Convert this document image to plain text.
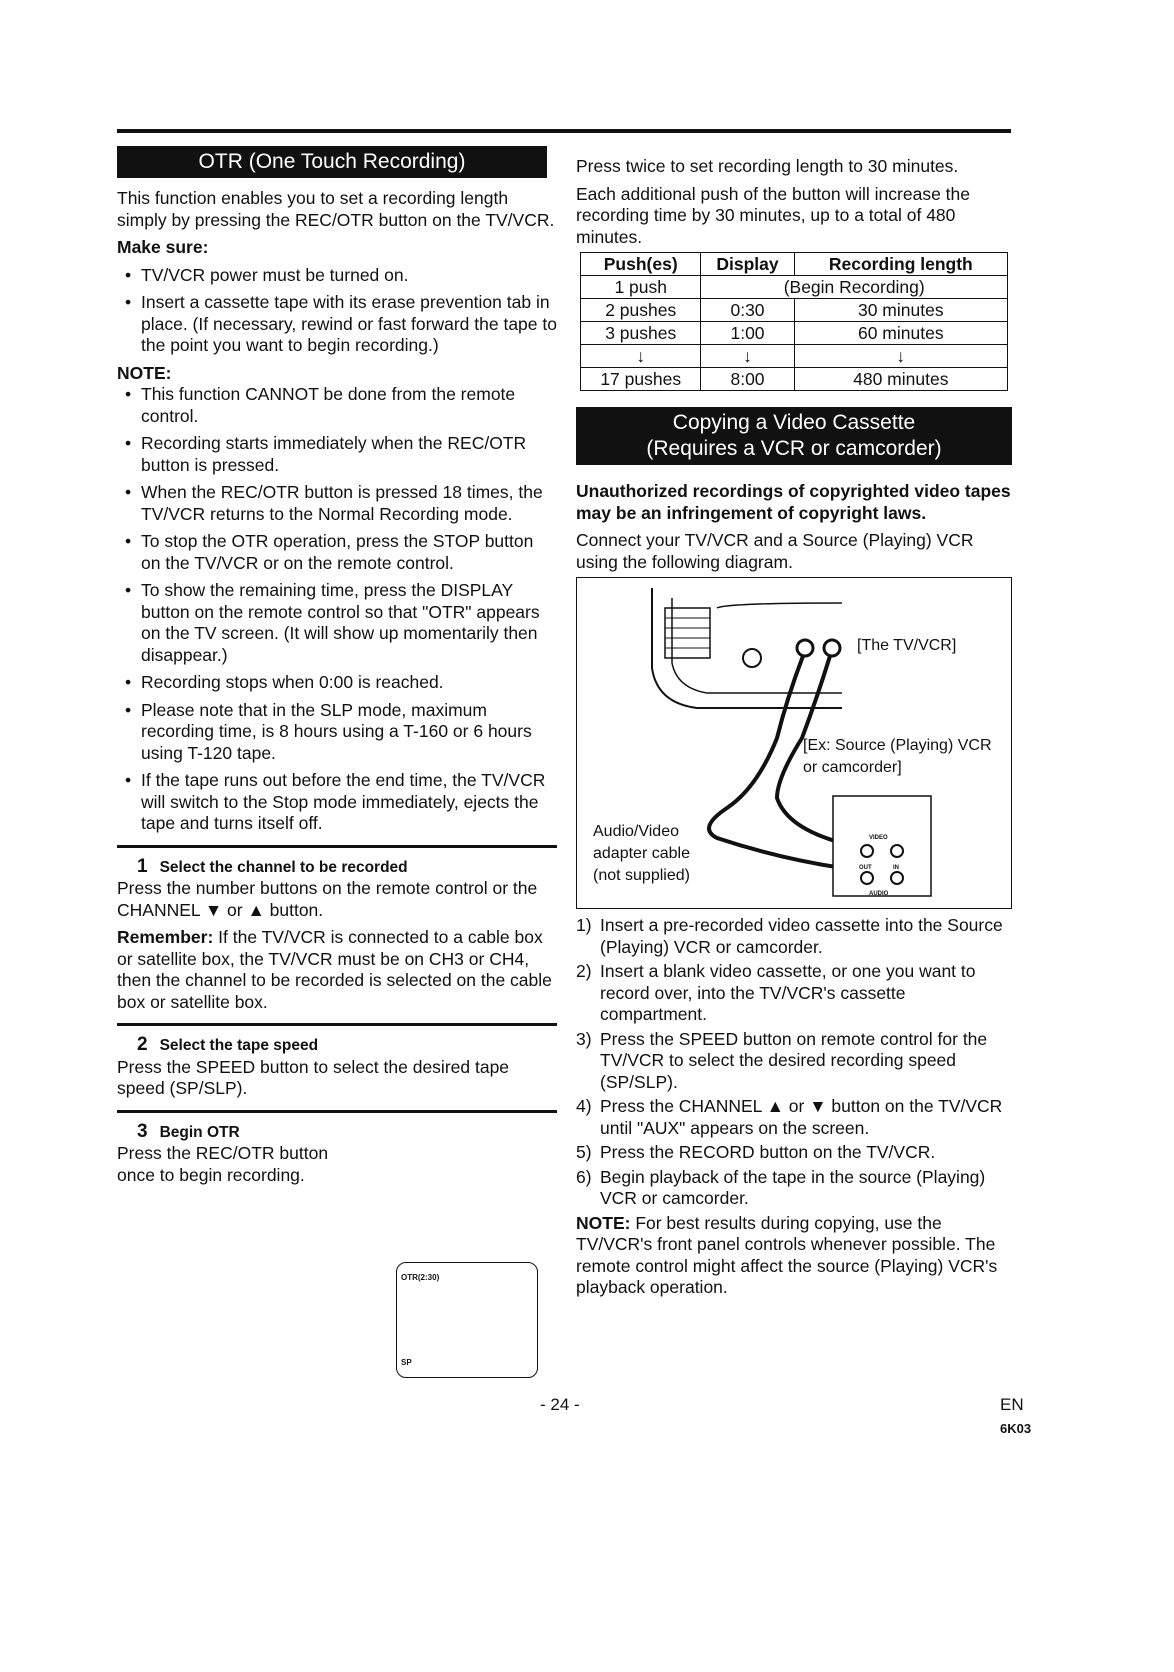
OTR (One Touch Recording)

This function enables you to set a recording length simply by pressing the REC/OTR button on the TV/VCR.

Make sure:

• TV/VCR power must be turned on.
• Insert a cassette tape with its erase prevention tab in place. (If necessary, rewind or fast forward the tape to the point you want to begin recording.)

NOTE:

• This function CANNOT be done from the remote control.
• Recording starts immediately when the REC/OTR button is pressed.
• When the REC/OTR button is pressed 18 times, the TV/VCR returns to the Normal Recording mode.
• To stop the OTR operation, press the STOP button on the TV/VCR or on the remote control.
• To show the remaining time, press the DISPLAY button on the remote control so that "OTR" appears on the TV screen. (It will show up momentarily then disappear.)
• Recording stops when 0:00 is reached.
• Please note that in the SLP mode, maximum recording time, is 8 hours using a T-160 or 6 hours using T-120 tape.
• If the tape runs out before the end time, the TV/VCR will switch to the Stop mode immediately, ejects the tape and turns itself off.
1 Select the channel to be recorded

Press the number buttons on the remote control or the CHANNEL ▼ or ▲ button.

Remember: If the TV/VCR is connected to a cable box or satellite box, the TV/VCR must be on CH3 or CH4, then the channel to be recorded is selected on the cable box or satellite box.

2 Select the tape speed

Press the SPEED button to select the desired tape speed (SP/SLP).

3 Begin OTR

Press the REC/OTR button once to begin recording.

OTR(2:30)
SP

Press twice to set recording length to 30 minutes.

Each additional push of the button will increase the recording time by 30 minutes, up to a total of 480 minutes.

Push(es)	Display	Recording length
1 push	(Begin Recording)	
2 pushes	0:30	30 minutes
3 pushes	1:00	60 minutes
↓	↓	↓
17 pushes	8:00	480 minutes
Copying a Video Cassette
(Requires a VCR or camcorder)

Unauthorized recordings of copyrighted video tapes may be an infringement of copyright laws.

Connect your TV/VCR and a Source (Playing) VCR using the following diagram.

[The TV/VCR]
[Ex: Source (Playing) VCR
or camcorder]
Audio/Video
adapter cable
(not supplied)
VIDEO
OUT	IN
AUDIO
1) Insert a pre-recorded video cassette into the Source (Playing) VCR or camcorder.
2) Insert a blank video cassette, or one you want to record over, into the TV/VCR's cassette compartment.
3) Press the SPEED button on remote control for the TV/VCR to select the desired recording speed (SP/SLP).
4) Press the CHANNEL ▲ or ▼ button on the TV/VCR until "AUX" appears on the screen.
5) Press the RECORD button on the TV/VCR.
6) Begin playback of the tape in the source (Playing) VCR or camcorder.

NOTE: For best results during copying, use the TV/VCR's front panel controls whenever possible. The remote control might affect the source (Playing) VCR's playback operation.

- 24 -	EN
6K03
